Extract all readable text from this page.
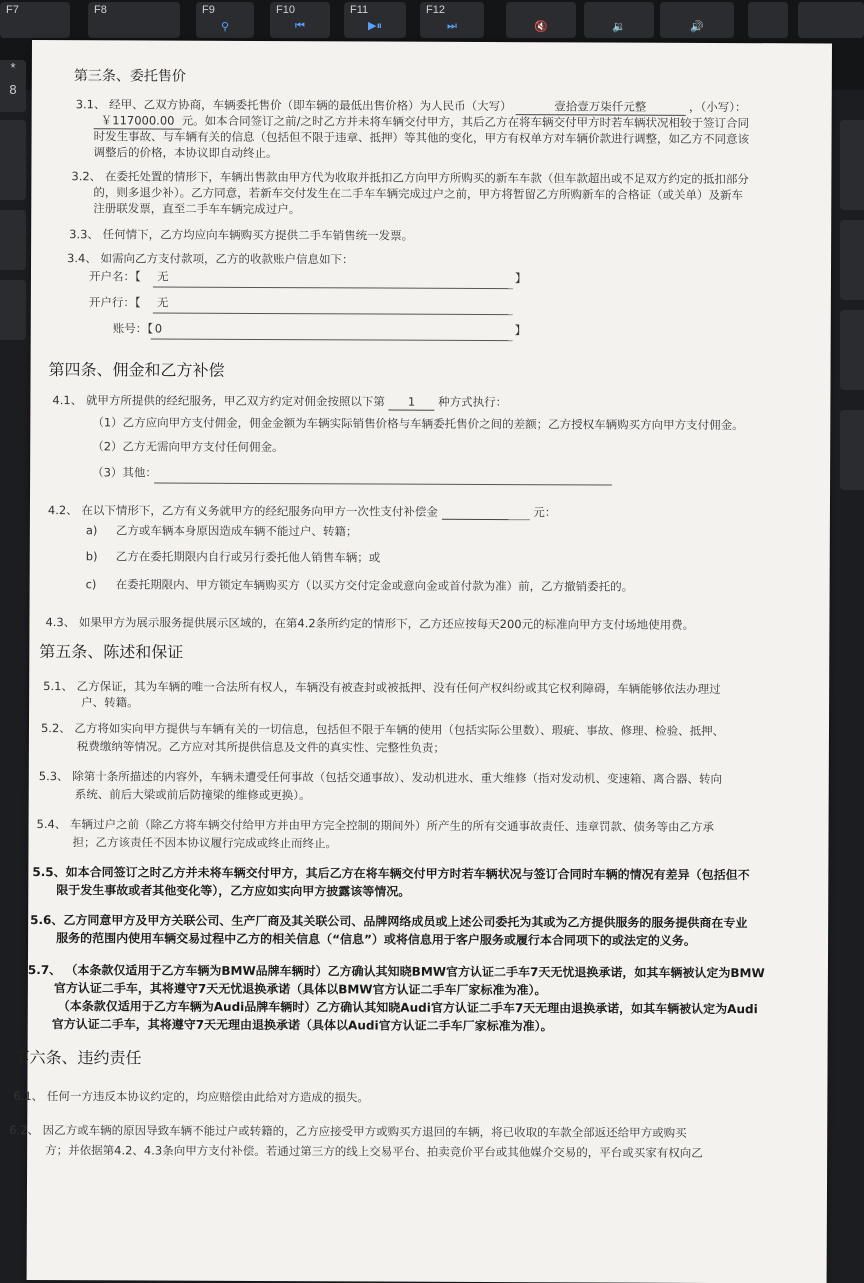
F7	F8	F9
⚲
F10
⏮
F11
▶⏸
F12
⏭	🔇	🔉	🔊
*
8
第三条、委托售价
3.1、 经甲、乙双方协商，车辆委托售价（即车辆的最低出售价格）为人民币（大写）	壹拾壹万柒仟元整	，（小写）：
￥117000.00 元。如本合同签订之前/之时乙方并未将车辆交付甲方，其后乙方在将车辆交付甲方时若车辆状况相较于签订合同
时发生事故、与车辆有关的信息（包括但不限于违章、抵押）等其他的变化，甲方有权单方对车辆价款进行调整，如乙方不同意该
调整后的价格，本协议即自动终止。
3.2、 在委托处置的情形下，车辆出售款由甲方代为收取并抵扣乙方向甲方所购买的新车车款（但车款超出或不足双方约定的抵扣部分
的，则多退少补）。乙方同意，若新车交付发生在二手车车辆完成过户之前，甲方将暂留乙方所购新车的合格证（或关单）及新车
注册联发票，直至二手车车辆完成过户。
3.3、 任何情下，乙方均应向车辆购买方提供二手车销售统一发票。
3.4、 如需向乙方支付款项，乙方的收款账户信息如下：
开户名：【 无	】
开户行：【 无
账号：【 0	】
第四条、佣金和乙方补偿
4.1、 就甲方所提供的经纪服务，甲乙双方约定对佣金按照以下第 1 种方式执行：
（1）乙方应向甲方支付佣金，佣金金额为车辆实际销售价格与车辆委托售价之间的差额；乙方授权车辆购买方向甲方支付佣金。
（2）乙方无需向甲方支付任何佣金。
（3）其他：
4.2、 在以下情形下，乙方有义务就甲方的经纪服务向甲方一次性支付补偿金	元：
a) 乙方或车辆本身原因造成车辆不能过户、转籍；
b) 乙方在委托期限内自行或另行委托他人销售车辆；或
c) 在委托期限内、甲方锁定车辆购买方（以买方交付定金或意向金或首付款为准）前，乙方撤销委托的。
4.3、 如果甲方为展示服务提供展示区域的，在第4.2条所约定的情形下，乙方还应按每天200元的标准向甲方支付场地使用费。
第五条、陈述和保证
5.1、 乙方保证，其为车辆的唯一合法所有权人，车辆没有被查封或被抵押、没有任何产权纠纷或其它权利障碍，车辆能够依法办理过
户、转籍。
5.2、 乙方将如实向甲方提供与车辆有关的一切信息，包括但不限于车辆的使用（包括实际公里数）、瑕疵、事故、修理、检验、抵押、
税费缴纳等情况。乙方应对其所提供信息及文件的真实性、完整性负责；
5.3、 除第十条所描述的内容外，车辆未遭受任何事故（包括交通事故）、发动机进水、重大维修（指对发动机、变速箱、离合器、转向
系统、前后大梁或前后防撞梁的维修或更换）。
5.4、 车辆过户之前（除乙方将车辆交付给甲方并由甲方完全控制的期间外）所产生的所有交通事故责任、违章罚款、债务等由乙方承
担；乙方该责任不因本协议履行完成或终止而终止。
5.5、如本合同签订之时乙方并未将车辆交付甲方，其后乙方在将车辆交付甲方时若车辆状况与签订合同时车辆的情况有差异（包括但不
限于发生事故或者其他变化等），乙方应如实向甲方披露该等情况。
5.6、乙方同意甲方及甲方关联公司、生产厂商及其关联公司、品牌网络成员或上述公司委托为其或为乙方提供服务的服务提供商在专业
服务的范围内使用车辆交易过程中乙方的相关信息（“信息”）或将信息用于客户服务或履行本合同项下的或法定的义务。
5.7、 （本条款仅适用于乙方车辆为BMW品牌车辆时）乙方确认其知晓BMW官方认证二手车7天无忧退换承诺，如其车辆被认定为BMW
官方认证二手车，其将遵守7天无忧退换承诺（具体以BMW官方认证二手车厂家标准为准）。
（本条款仅适用于乙方车辆为Audi品牌车辆时）乙方确认其知晓Audi官方认证二手车7天无理由退换承诺，如其车辆被认定为Audi
官方认证二手车，其将遵守7天无理由退换承诺（具体以Audi官方认证二手车厂家标准为准）。
第六条、违约责任
6.1、 任何一方违反本协议约定的，均应赔偿由此给对方造成的损失。
6.2、 因乙方或车辆的原因导致车辆不能过户或转籍的，乙方应接受甲方或购买方退回的车辆，将已收取的车款全部返还给甲方或购买
方；并依据第4.2、4.3条向甲方支付补偿。若通过第三方的线上交易平台、拍卖竞价平台或其他媒介交易的，平台或买家有权向乙
